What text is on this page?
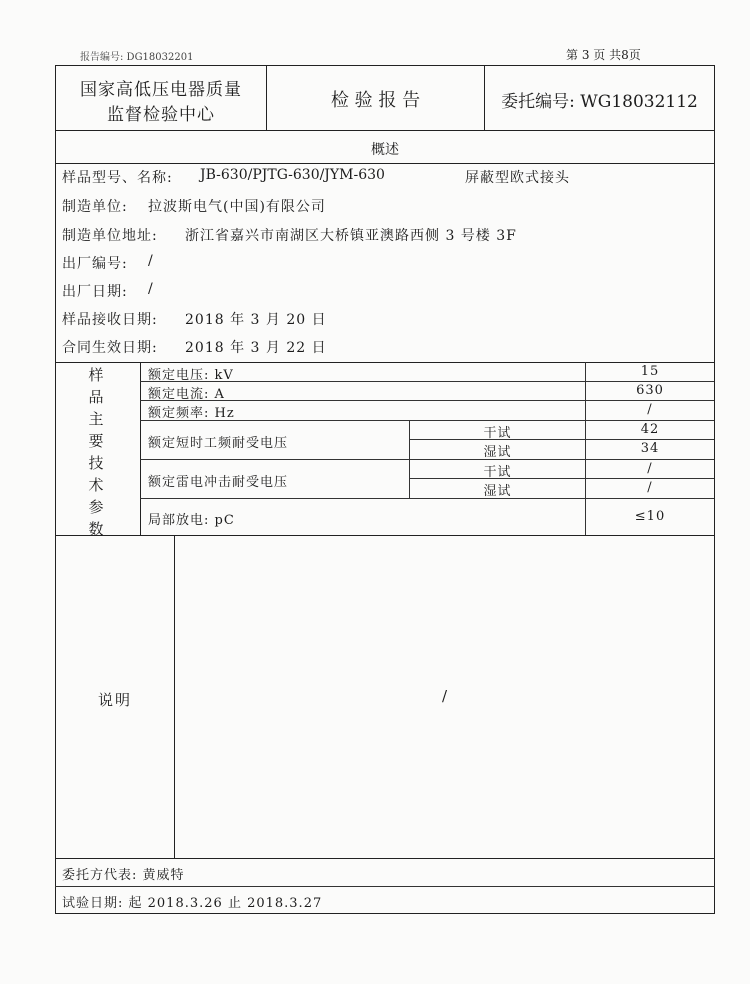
报告编号: DG18032201	第 3 页 共8页
国家高低压电器质量
监督检验中心
检 验 报 告	委托编号: WG18032112
概述
样品型号、名称: JB-630/PJTG-630/JYM-630	屏蔽型欧式接头
制造单位: 拉波斯电气(中国)有限公司
制造单位地址: 浙江省嘉兴市南湖区大桥镇亚澳路西侧 3 号楼 3F
出厂编号: /
出厂日期: /
样品接收日期: 2018 年 3 月 20 日
合同生效日期: 2018 年 3 月 22 日
样
品
主
要
技
术
参
数
额定电压: kV	15
额定电流: A	630
额定频率: Hz	/
额定短时工频耐受电压
干试	42
湿试	34
额定雷电冲击耐受电压
干试	/
湿试	/
局部放电: pC	≤10
说明	/
委托方代表: 黄威特
试验日期: 起 2018.3.26 止 2018.3.27
